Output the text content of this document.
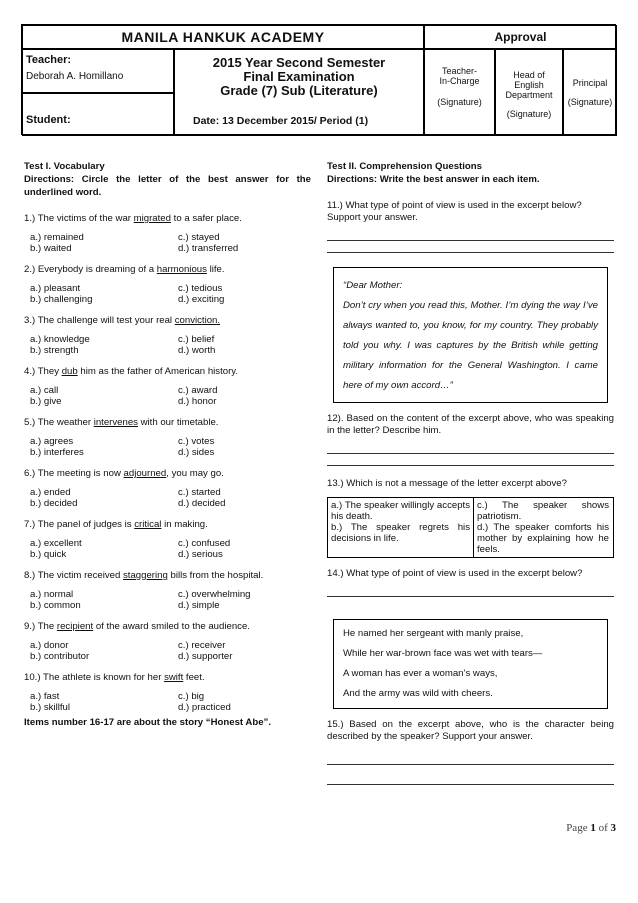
MANILA HANKUK ACADEMY	Approval
Teacher:
Deborah A. Homillano
Student:
2015 Year Second Semester
Final Examination
Grade (7) Sub (Literature)
Date: 13 December 2015/ Period (1)
Teacher-
In-Charge
(Signature)
Head of
English
Department
(Signature)
Principal
(Signature)
Test I. Vocabulary
Directions: Circle the letter of the best answer for the underlined word.
1.) The victims of the war migrated to a safer place.
a.) remained	c.) stayed
b.) waited	d.) transferred
2.) Everybody is dreaming of a harmonious life.
a.) pleasant	c.) tedious
b.) challenging	d.) exciting
3.) The challenge will test your real conviction.
a.) knowledge	c.) belief
b.) strength	d.) worth
4.) They dub him as the father of American history.
a.) call	c.) award
b.) give	d.) honor
5.) The weather intervenes with our timetable.
a.) agrees	c.) votes
b.) interferes	d.) sides
6.) The meeting is now adjourned, you may go.
a.) ended	c.) started
b.) decided	d.) decided
7.) The panel of judges is critical in making.
a.) excellent	c.) confused
b.) quick	d.) serious
8.) The victim received staggering bills from the hospital.
a.) normal	c.) overwhelming
b.) common	d.) simple
9.) The recipient of the award smiled to the audience.
a.) donor	c.) receiver
b.) contributor	d.) supporter
10.) The athlete is known for her swift feet.
a.) fast	c.) big
b.) skillful	d.) practiced
Items number 16-17 are about the story “Honest Abe”.
Test II. Comprehension Questions
Directions: Write the best answer in each item.
11.) What type of point of view is used in the excerpt below? Support your answer.

“Dear Mother:

Don’t cry when you read this, Mother. I’m dying the way I’ve always wanted to, you know, for my country. They probably told you why. I was captures by the British while getting military information for the General Washington. I came here of my own accord…”

12). Based on the content of the excerpt above, who was speaking in the letter? Describe him.
13.) Which is not a message of the letter excerpt above?
a.) The speaker willingly accepts his death.
b.) The speaker regrets his decisions in life.
c.) The speaker shows patriotism.
d.) The speaker comforts his mother by explaining how he feels.
14.) What type of point of view is used in the excerpt below?

He named her sergeant with manly praise,

While her war-brown face was wet with tears—

A woman has ever a woman’s ways,

And the army was wild with cheers.

15.) Based on the excerpt above, who is the character being described by the speaker? Support your answer.
Page 1 of 3
